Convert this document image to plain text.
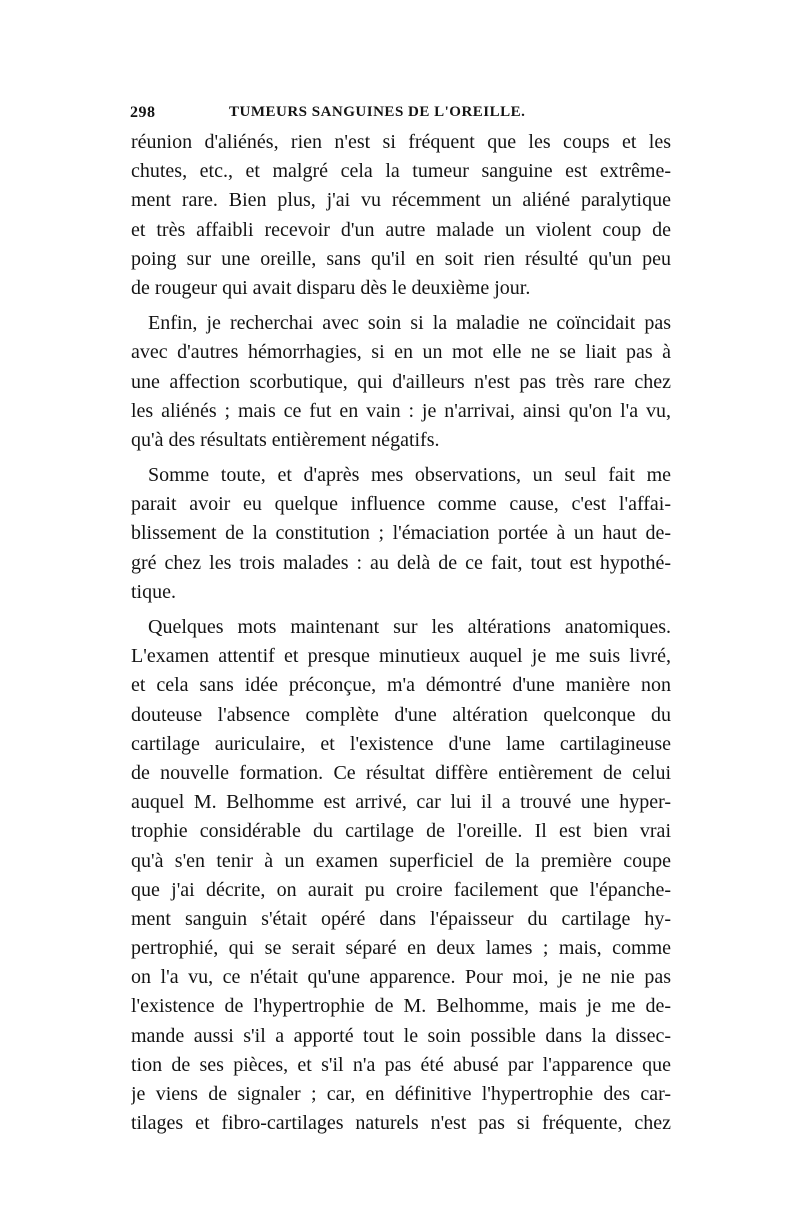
298	TUMEURS SANGUINES DE L'OREILLE.
réunion d'aliénés, rien n'est si fréquent que les coups et les
chutes, etc., et malgré cela la tumeur sanguine est extrême-
ment rare. Bien plus, j'ai vu récemment un aliéné paralytique
et très affaibli recevoir d'un autre malade un violent coup de
poing sur une oreille, sans qu'il en soit rien résulté qu'un peu
de rougeur qui avait disparu dès le deuxième jour.
Enfin, je recherchai avec soin si la maladie ne coïncidait pas
avec d'autres hémorrhagies, si en un mot elle ne se liait pas à
une affection scorbutique, qui d'ailleurs n'est pas très rare chez
les aliénés ; mais ce fut en vain : je n'arrivai, ainsi qu'on l'a vu,
qu'à des résultats entièrement négatifs.
Somme toute, et d'après mes observations, un seul fait me
parait avoir eu quelque influence comme cause, c'est l'affai-
blissement de la constitution ; l'émaciation portée à un haut de-
gré chez les trois malades : au delà de ce fait, tout est hypothé-
tique.
Quelques mots maintenant sur les altérations anatomiques.
L'examen attentif et presque minutieux auquel je me suis livré,
et cela sans idée préconçue, m'a démontré d'une manière non
douteuse l'absence complète d'une altération quelconque du
cartilage auriculaire, et l'existence d'une lame cartilagineuse
de nouvelle formation. Ce résultat diffère entièrement de celui
auquel M. Belhomme est arrivé, car lui il a trouvé une hyper-
trophie considérable du cartilage de l'oreille. Il est bien vrai
qu'à s'en tenir à un examen superficiel de la première coupe
que j'ai décrite, on aurait pu croire facilement que l'épanche-
ment sanguin s'était opéré dans l'épaisseur du cartilage hy-
pertrophié, qui se serait séparé en deux lames ; mais, comme
on l'a vu, ce n'était qu'une apparence. Pour moi, je ne nie pas
l'existence de l'hypertrophie de M. Belhomme, mais je me de-
mande aussi s'il a apporté tout le soin possible dans la dissec-
tion de ses pièces, et s'il n'a pas été abusé par l'apparence que
je viens de signaler ; car, en définitive l'hypertrophie des car-
tilages et fibro-cartilages naturels n'est pas si fréquente, chez
